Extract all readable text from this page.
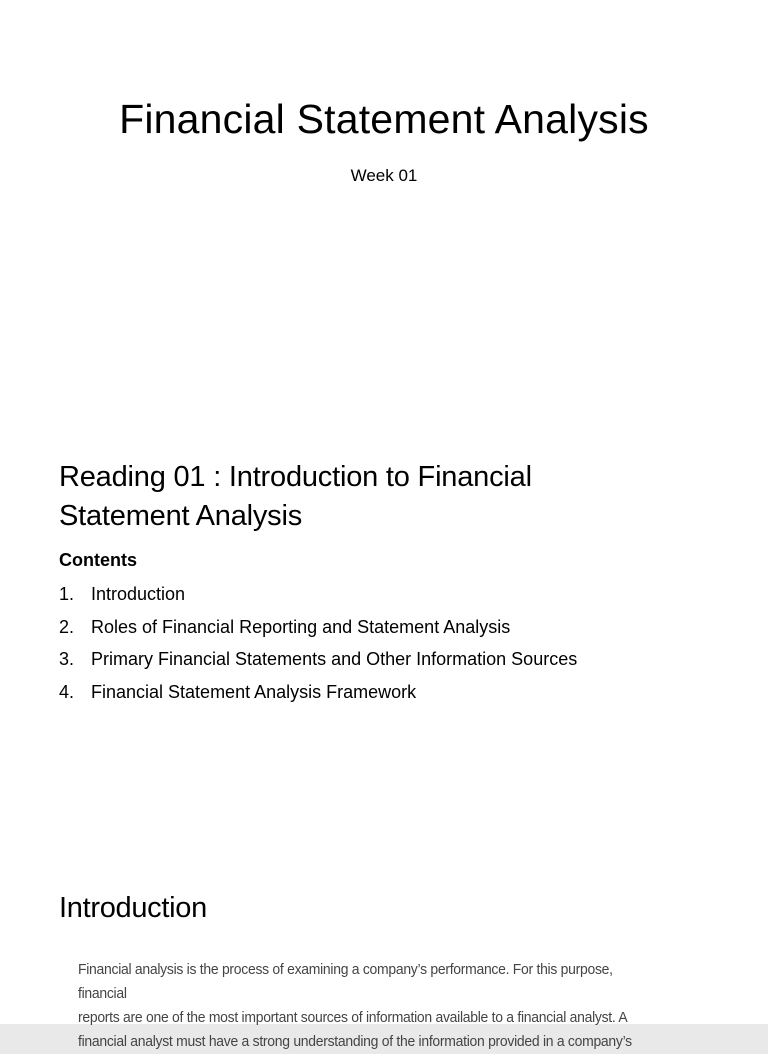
Financial Statement Analysis
Week 01
Reading 01 : Introduction to Financial
Statement Analysis
Contents
1. Introduction
2. Roles of Financial Reporting and Statement Analysis
3. Primary Financial Statements and Other Information Sources
4. Financial Statement Analysis Framework
Introduction
Financial analysis is the process of examining a company’s performance. For this purpose, financial
reports are one of the most important sources of information available to a financial analyst. A
financial analyst must have a strong understanding of the information provided in a company’s
